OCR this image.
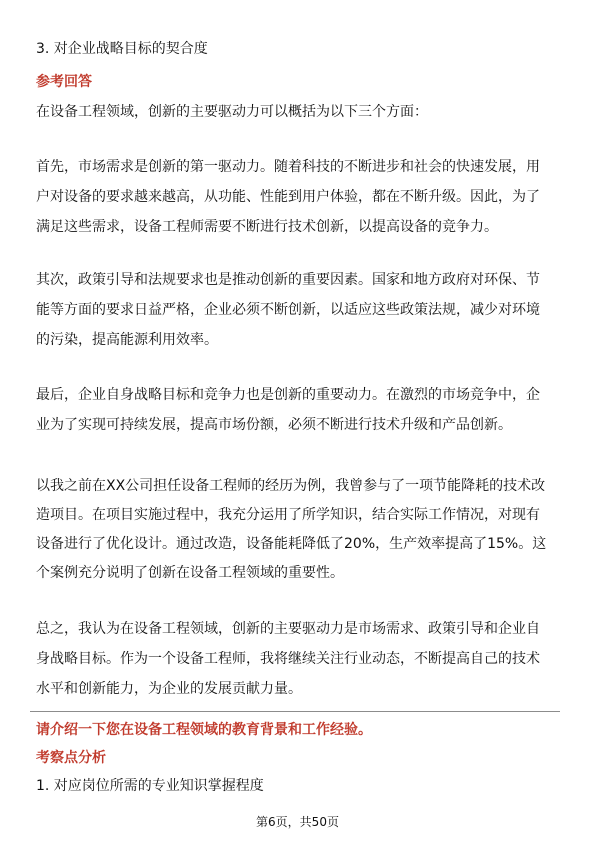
3. 对企业战略目标的契合度

参考回答

在设备工程领域，创新的主要驱动力可以概括为以下三个方面：

首先，市场需求是创新的第一驱动力。随着科技的不断进步和社会的快速发展，用

户对设备的要求越来越高，从功能、性能到用户体验，都在不断升级。因此，为了

满足这些需求，设备工程师需要不断进行技术创新，以提高设备的竞争力。

其次，政策引导和法规要求也是推动创新的重要因素。国家和地方政府对环保、节

能等方面的要求日益严格，企业必须不断创新，以适应这些政策法规，减少对环境

的污染，提高能源利用效率。

最后，企业自身战略目标和竞争力也是创新的重要动力。在激烈的市场竞争中，企

业为了实现可持续发展，提高市场份额，必须不断进行技术升级和产品创新。

以我之前在XX公司担任设备工程师的经历为例，我曾参与了一项节能降耗的技术改

造项目。在项目实施过程中，我充分运用了所学知识，结合实际工作情况，对现有

设备进行了优化设计。通过改造，设备能耗降低了20%，生产效率提高了15%。这

个案例充分说明了创新在设备工程领域的重要性。

总之，我认为在设备工程领域，创新的主要驱动力是市场需求、政策引导和企业自

身战略目标。作为一个设备工程师，我将继续关注行业动态，不断提高自己的技术

水平和创新能力，为企业的发展贡献力量。

请介绍一下您在设备工程领域的教育背景和工作经验。

考察点分析

1. 对应岗位所需的专业知识掌握程度

第6页，共50页
